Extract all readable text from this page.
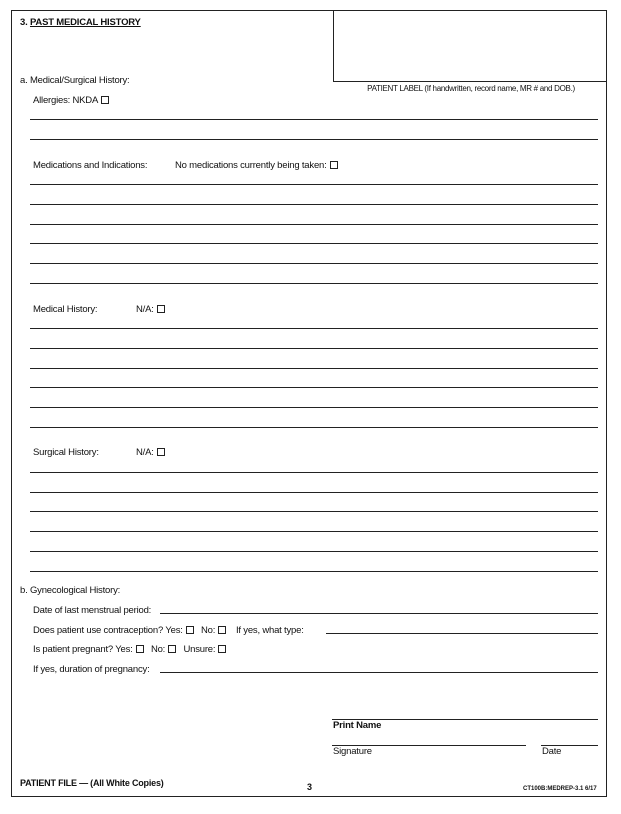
PATIENT LABEL (If handwritten, record name, MR # and DOB.)
3. PAST MEDICAL HISTORY
a. Medical/Surgical History:
Allergies: NKDA
Medications and Indications:	No medications currently being taken:
Medical History:	N/A:
Surgical History:	N/A:
b. Gynecological History:
Date of last menstrual period:
Does patient use contraception? Yes: No: If yes, what type:
Is patient pregnant? Yes: No: Unsure:
If yes, duration of pregnancy:
Print Name
Signature	Date
PATIENT FILE — (All White Copies)	3	CT100B:MEDREP-3.1 6/17
